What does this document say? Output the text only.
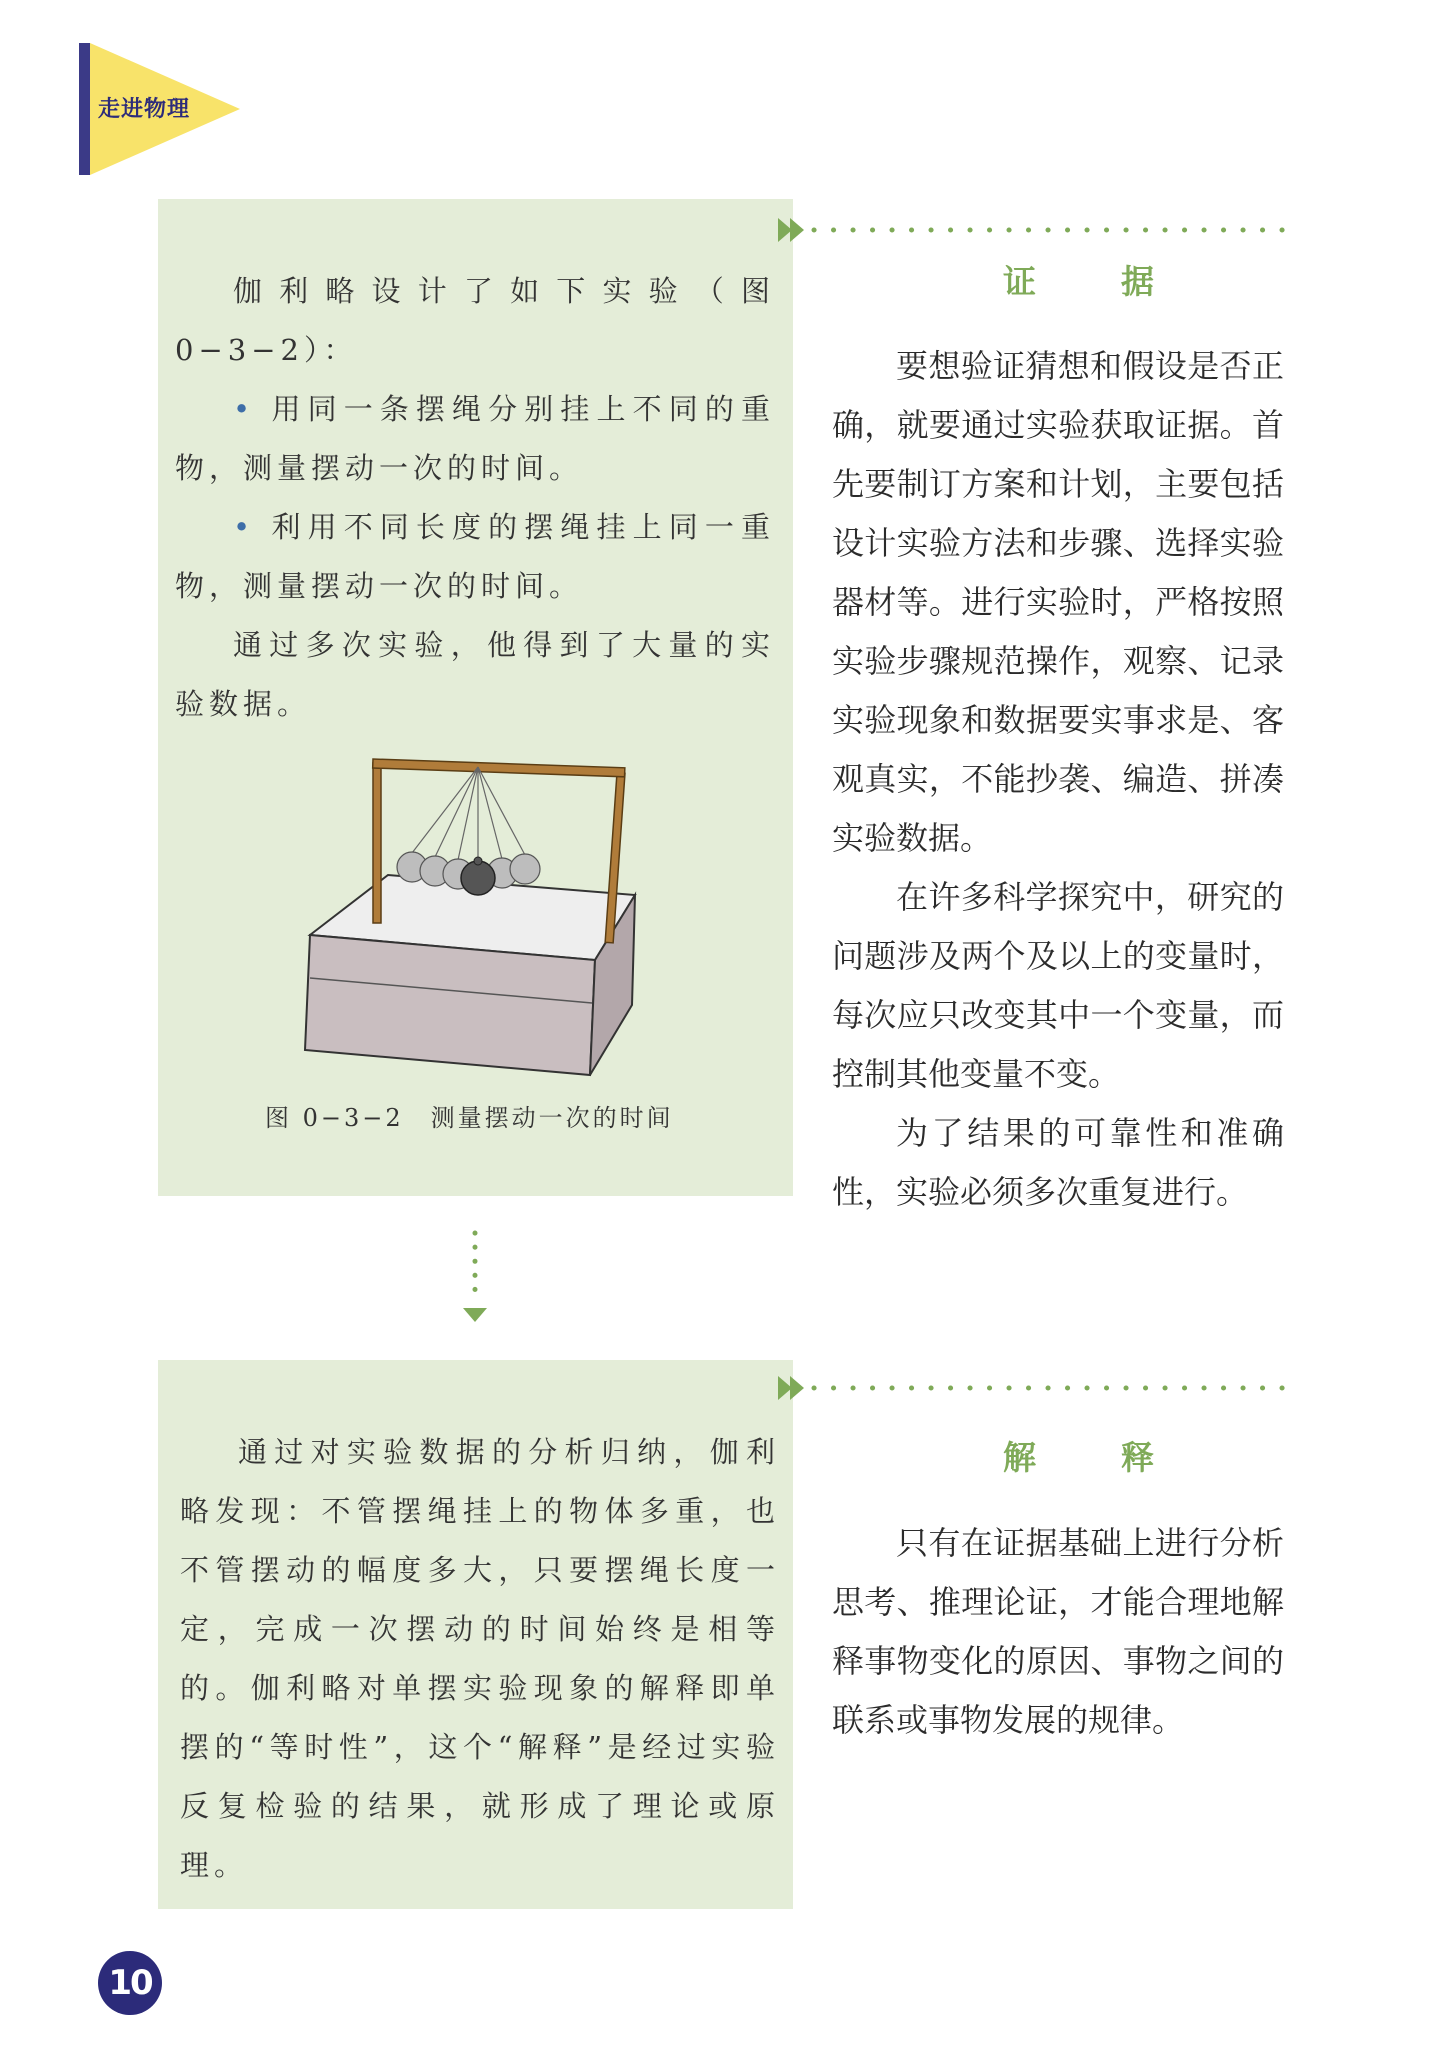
走进物理

伽利略设计了如下实验（图 0−3−2）：

• 用同一条摆绳分别挂上不同的重物，测量摆动一次的时间。

• 利用不同长度的摆绳挂上同一重物，测量摆动一次的时间。

通过多次实验，他得到了大量的实验数据。

图 0−3−2　测量摆动一次的时间
证　据

要想验证猜想和假设是否正确，就要通过实验获取证据。首先要制订方案和计划，主要包括设计实验方法和步骤、选择实验器材等。进行实验时，严格按照实验步骤规范操作，观察、记录实验现象和数据要实事求是、客观真实，不能抄袭、编造、拼凑实验数据。

在许多科学探究中，研究的问题涉及两个及以上的变量时，每次应只改变其中一个变量，而控制其他变量不变。

为了结果的可靠性和准确性，实验必须多次重复进行。

通过对实验数据的分析归纳，伽利略发现：不管摆绳挂上的物体多重，也不管摆动的幅度多大，只要摆绳长度一定，完成一次摆动的时间始终是相等的。伽利略对单摆实验现象的解释即单摆的“等时性”，这个“解释”是经过实验反复检验的结果，就形成了理论或原理。

解　释

只有在证据基础上进行分析思考、推理论证，才能合理地解释事物变化的原因、事物之间的联系或事物发展的规律。

10
